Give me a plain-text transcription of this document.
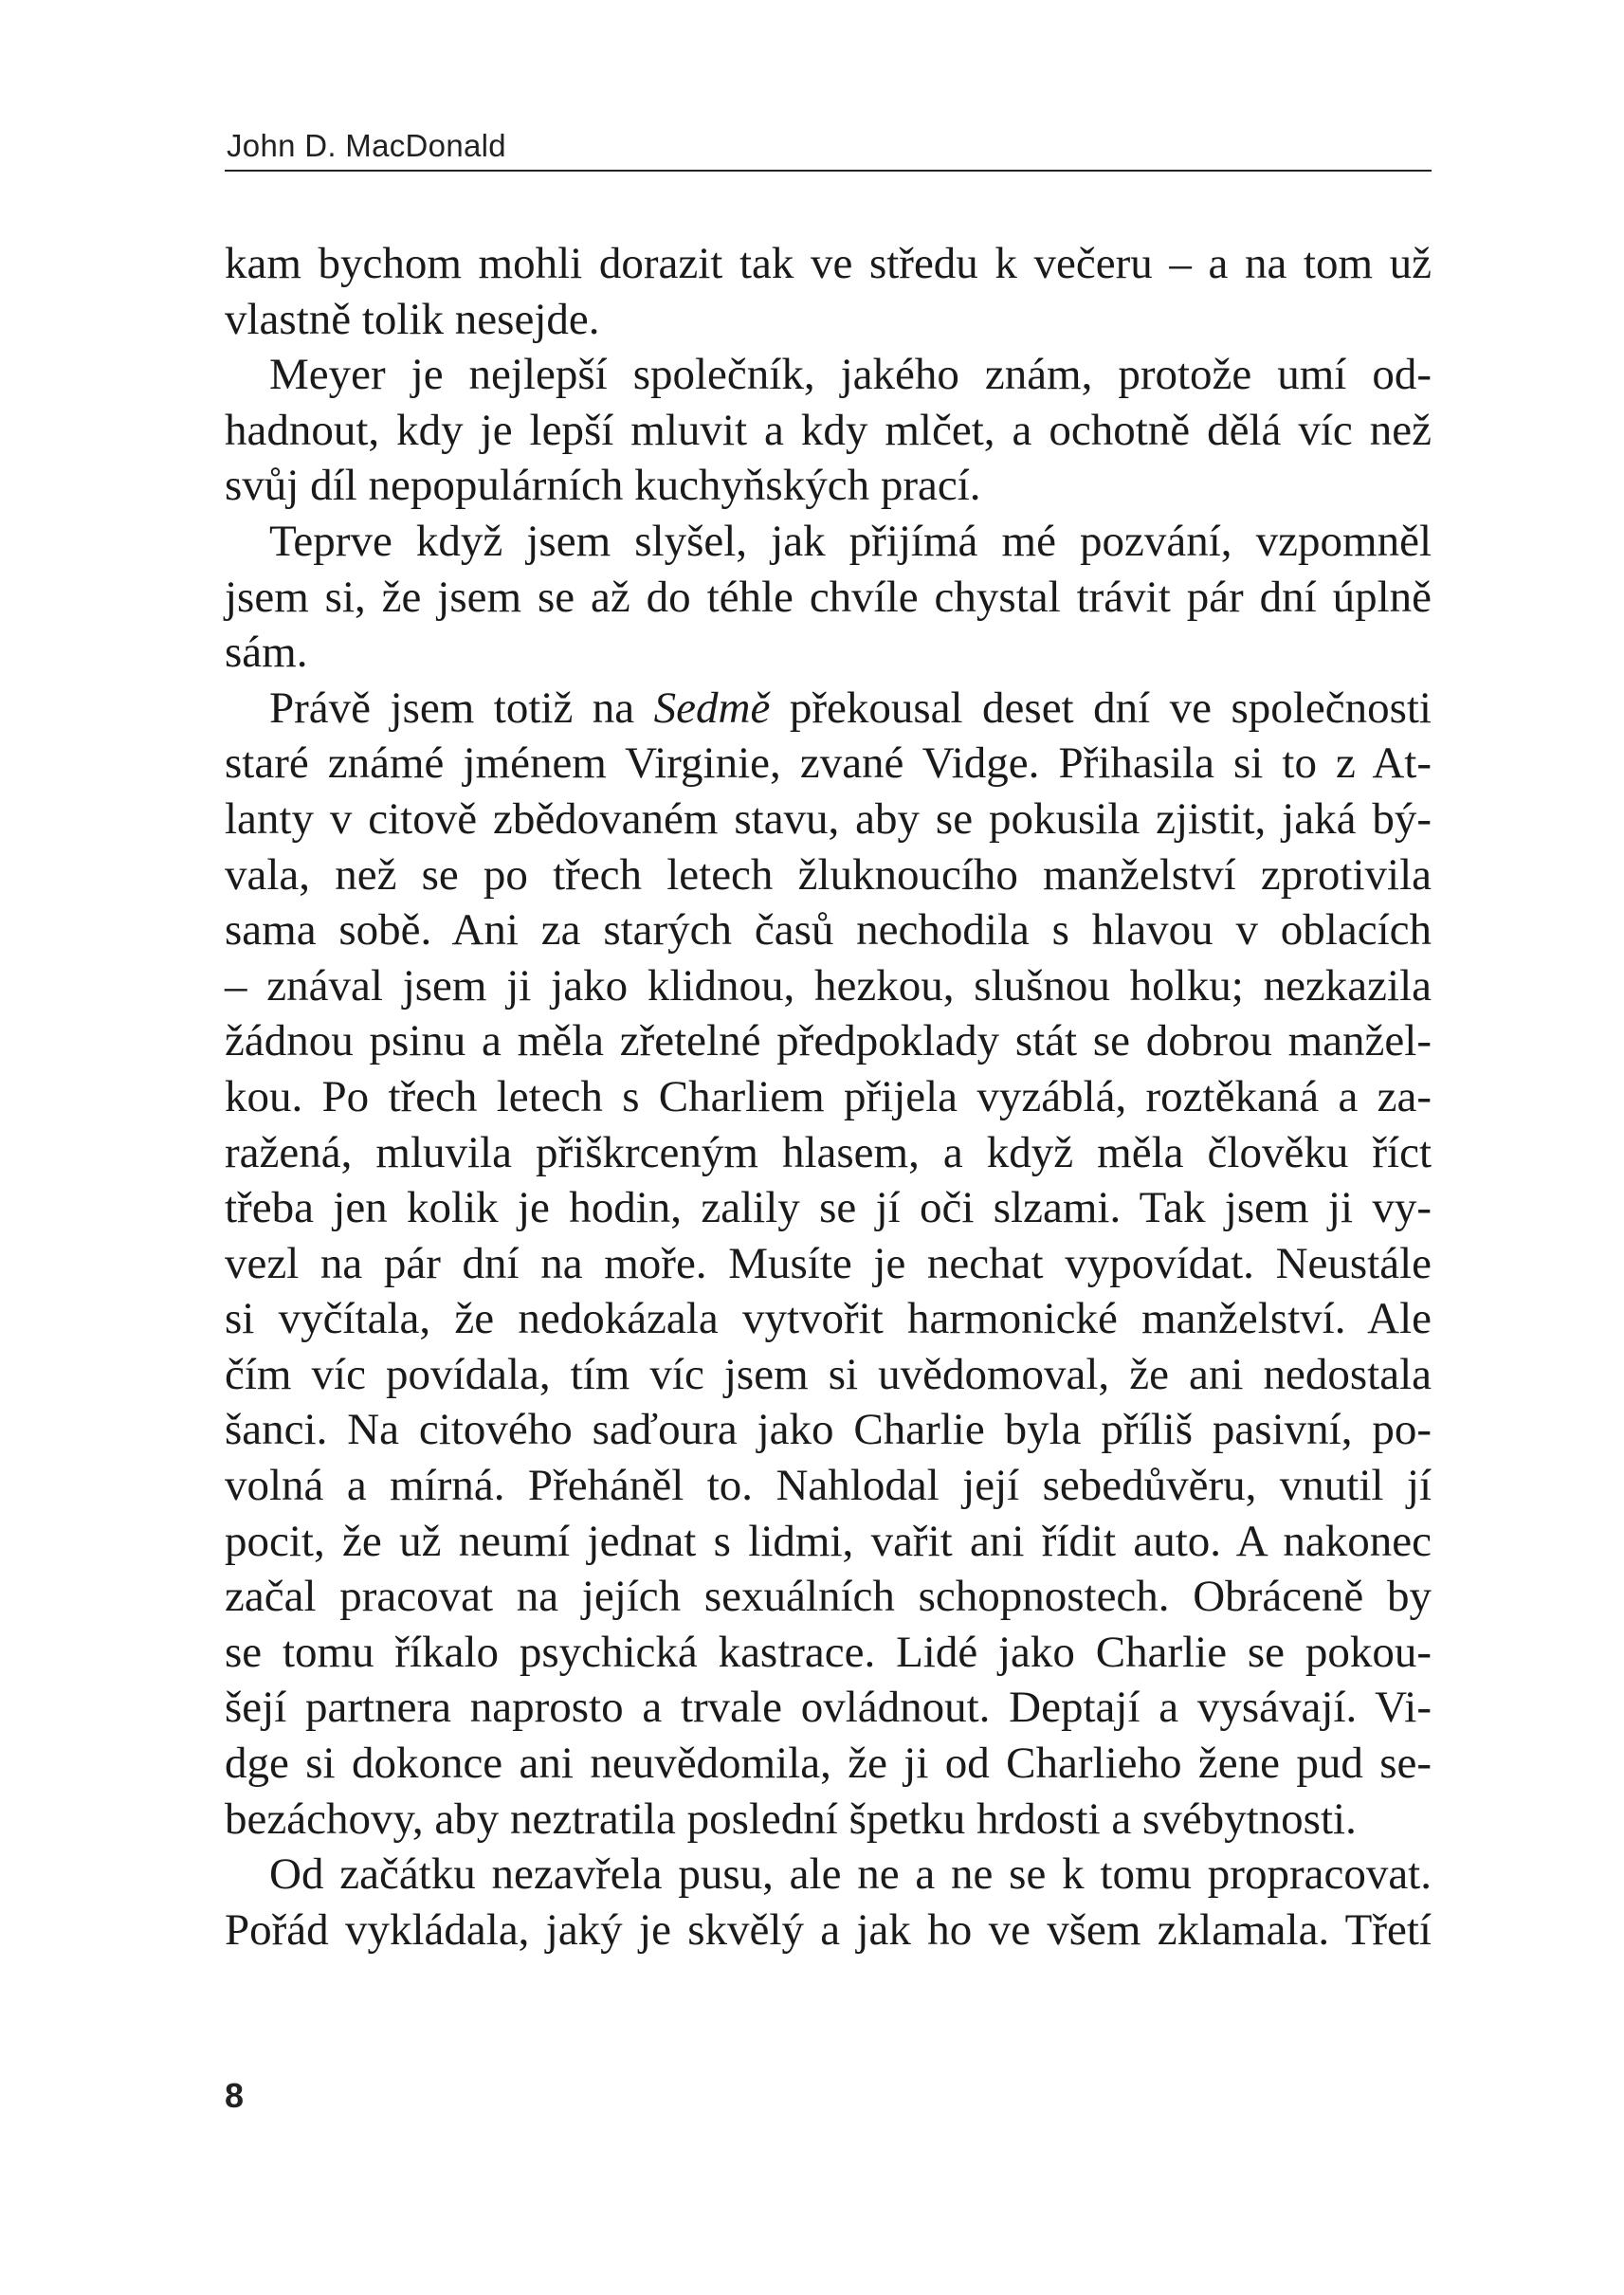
John D. MacDonald
kam bychom mohli dorazit tak ve středu k večeru – a na tom už
vlastně tolik nesejde.
Meyer je nejlepší společník, jakého znám, protože umí od-
hadnout, kdy je lepší mluvit a kdy mlčet, a ochotně dělá víc než
svůj díl nepopulárních kuchyňských prací.
Teprve když jsem slyšel, jak přijímá mé pozvání, vzpomněl
jsem si, že jsem se až do téhle chvíle chystal trávit pár dní úplně
sám.
Právě jsem totiž na Sedmě překousal deset dní ve společnosti
staré známé jménem Virginie, zvané Vidge. Přihasila si to z At-
lanty v citově zbědovaném stavu, aby se pokusila zjistit, jaká bý-
vala, než se po třech letech žluknoucího manželství zprotivila
sama sobě. Ani za starých časů nechodila s hlavou v oblacích
– znával jsem ji jako klidnou, hezkou, slušnou holku; nezkazila
žádnou psinu a měla zřetelné předpoklady stát se dobrou manžel-
kou. Po třech letech s Charliem přijela vyzáblá, roztěkaná a za-
ražená, mluvila přiškrceným hlasem, a když měla člověku říct
třeba jen kolik je hodin, zalily se jí oči slzami. Tak jsem ji vy-
vezl na pár dní na moře. Musíte je nechat vypovídat. Neustále
si vyčítala, že nedokázala vytvořit harmonické manželství. Ale
čím víc povídala, tím víc jsem si uvědomoval, že ani nedostala
šanci. Na citového saďoura jako Charlie byla příliš pasivní, po-
volná a mírná. Přeháněl to. Nahlodal její sebedůvěru, vnutil jí
pocit, že už neumí jednat s lidmi, vařit ani řídit auto. A nakonec
začal pracovat na jejích sexuálních schopnostech. Obráceně by
se tomu říkalo psychická kastrace. Lidé jako Charlie se pokou-
šejí partnera naprosto a trvale ovládnout. Deptají a vysávají. Vi-
dge si dokonce ani neuvědomila, že ji od Charlieho žene pud se-
bezáchovy, aby neztratila poslední špetku hrdosti a svébytnosti.
Od začátku nezavřela pusu, ale ne a ne se k tomu propracovat.
Pořád vykládala, jaký je skvělý a jak ho ve všem zklamala. Třetí
8
